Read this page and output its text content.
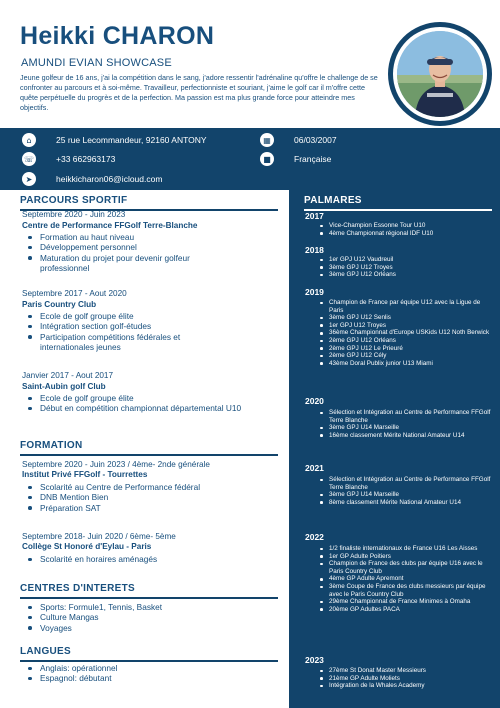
Heikki CHARON
AMUNDI EVIAN SHOWCASE
Jeune golfeur de 16 ans, j'ai la compétition dans le sang, j'adore ressentir l'adrénaline qu'offre le challenge de se confronter au parcours et à soi-même. Travailleur, perfectionniste et souriant, j'aime le golf car il m'offre cette quête perpétuelle du progrès et de la perfection. Ma passion est ma plus grande force pour atteindre mes objectifs.
⌂	25 rue Lecommandeur, 92160 ANTONY
☏	+33 662963173
➤	heikkicharon06@icloud.com
▦	06/03/2007
■	Française
PARCOURS SPORTIF
Septembre 2020 - Juin 2023
Centre de Performance FFGolf Terre-Blanche
Formation au haut niveau
Développement personnel
Maturation du projet pour devenir golfeur professionnel
Septembre 2017 - Aout 2020
Paris Country Club
Ecole de golf groupe élite
Intégration section golf-études
Participation compétitions fédérales et internationales jeunes
Janvier 2017 - Aout 2017
Saint-Aubin golf Club
Ecole de golf groupe élite
Début en compétition championnat départemental U10
FORMATION
Septembre 2020 - Juin 2023 / 4ème- 2nde générale
Institut Privé FFGolf - Tourrettes
Scolarité au Centre de Performance fédéral
DNB Mention Bien
Préparation SAT
Septembre 2018- Juin 2020 / 6ème- 5ème
Collège St Honoré d'Eylau - Paris
Scolarité en horaires aménagés
CENTRES D'INTERETS
Sports: Formule1, Tennis, Basket
Culture Mangas
Voyages
LANGUES
Anglais: opérationnel
Espagnol: débutant
PALMARES
2017
Vice-Champion Essonne Tour U10
4ème Championnat régional IDF U10
2018
1er GPJ U12 Vaudreuil
3ème GPJ U12 Troyes
3ème GPJ U12 Orléans
2019
Champion de France par équipe U12 avec la Ligue de Paris
3ème GPJ U12 Senlis
1er GPJ U12 Troyes
36ème Championnat d'Europe USKids U12 Noth Berwick
2ème GPJ U12 Orléans
2ème GPJ U12 Le Prieuré
2ème GPJ U12 Cély
43ème Doral Publix junior U13 Miami
2020
Sélection et Intégration au Centre de Performance FFGolf Terre Blanche
3ème GPJ U14 Marseille
16ème classement Mérite National Amateur U14
2021
Sélection et Intégration au Centre de Performance FFGolf Terre Blanche
3ème GPJ U14 Marseille
8ème classement Mérite National Amateur U14
2022
1/2 finaliste internationaux de France U16 Les Aisses
1er GP Adulte Poitiers
Champion de France des clubs par équipe U16 avec le Paris Country Club
4ème GP Adulte Apremont
3ème Coupe de France des clubs messieurs par équipe avec le Paris Country Club
29ème Championnat de France Minimes à Omaha
20ème GP Adultes PACA
2023
27ème St Donat Master Messieurs
21ème GP Adulte Moliets
Intégration de la Whales Academy
